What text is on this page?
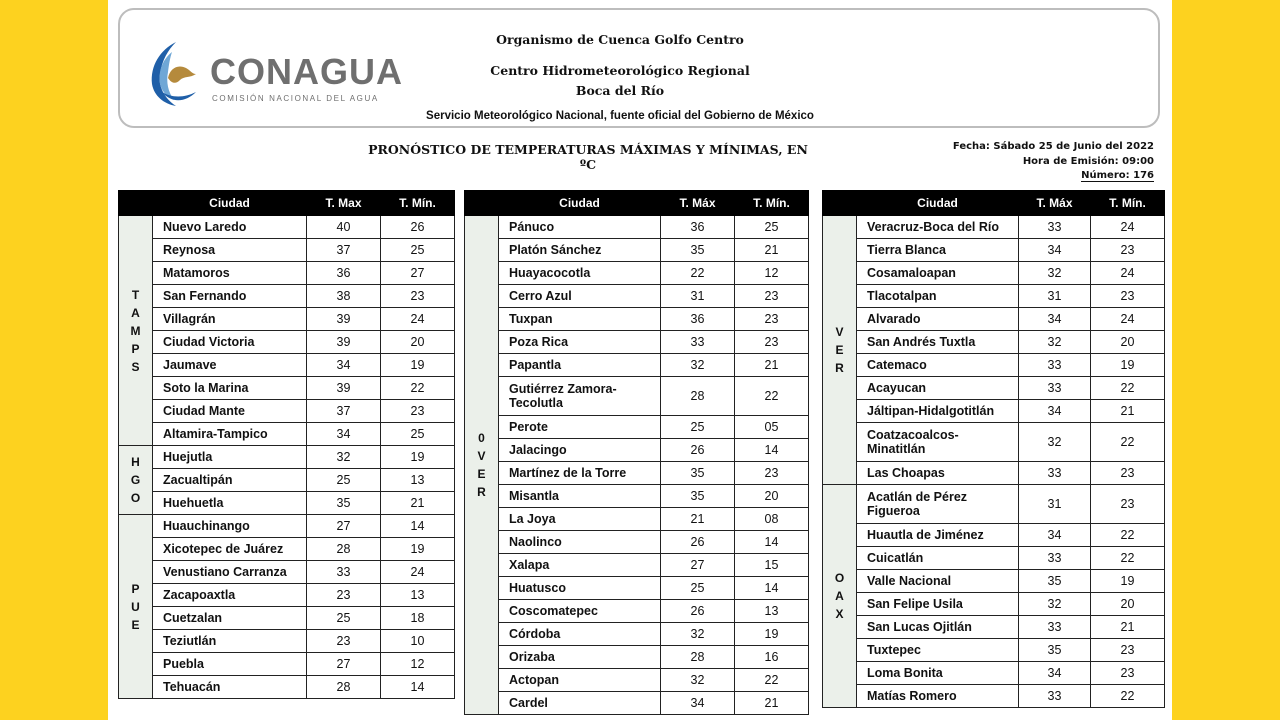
CONAGUA

COMISIÓN NACIONAL DEL AGUA

Organismo de Cuenca Golfo Centro

Centro Hidrometeorológico Regional

Boca del Río

Servicio Meteorológico Nacional, fuente oficial del Gobierno de México

PRONÓSTICO DE TEMPERATURAS MÁXIMAS Y MÍNIMAS, EN ºC

Fecha: Sábado 25 de Junio del 2022

Hora de Emisión: 09:00

Número: 176

	Ciudad	T. Max	T. Mín.
TAMPS	Nuevo Laredo	40	26
	Reynosa	37	25
	Matamoros	36	27
	San Fernando	38	23
	Villagrán	39	24
	Ciudad Victoria	39	20
	Jaumave	34	19
	Soto la Marina	39	22
	Ciudad Mante	37	23
	Altamira-Tampico	34	25
HGO	Huejutla	32	19
	Zacualtipán	25	13
	Huehuetla	35	21
PUE	Huauchinango	27	14
	Xicotepec de Juárez	28	19
	Venustiano Carranza	33	24
	Zacapoaxtla	23	13
	Cuetzalan	25	18
	Teziutlán	23	10
	Puebla	27	12
	Tehuacán	28	14
	Ciudad	T. Máx	T. Mín.
0VER	Pánuco	36	25
	Platón Sánchez	35	21
	Huayacocotla	22	12
	Cerro Azul	31	23
	Tuxpan	36	23
	Poza Rica	33	23
	Papantla	32	21
	Gutiérrez Zamora-Tecolutla	28	22
	Perote	25	05
	Jalacingo	26	14
	Martínez de la Torre	35	23
	Misantla	35	20
	La Joya	21	08
	Naolinco	26	14
	Xalapa	27	15
	Huatusco	25	14
	Coscomatepec	26	13
	Córdoba	32	19
	Orizaba	28	16
	Actopan	32	22
	Cardel	34	21
	Ciudad	T. Máx	T. Mín.
VER	Veracruz-Boca del Río	33	24
	Tierra Blanca	34	23
	Cosamaloapan	32	24
	Tlacotalpan	31	23
	Alvarado	34	24
	San Andrés Tuxtla	32	20
	Catemaco	33	19
	Acayucan	33	22
	Jáltipan-Hidalgotitlán	34	21
	Coatzacoalcos-Minatitlán	32	22
	Las Choapas	33	23
OAX	Acatlán de Pérez Figueroa	31	23
	Huautla de Jiménez	34	22
	Cuicatlán	33	22
	Valle Nacional	35	19
	San Felipe Usila	32	20
	San Lucas Ojitlán	33	21
	Tuxtepec	35	23
	Loma Bonita	34	23
	Matías Romero	33	22
